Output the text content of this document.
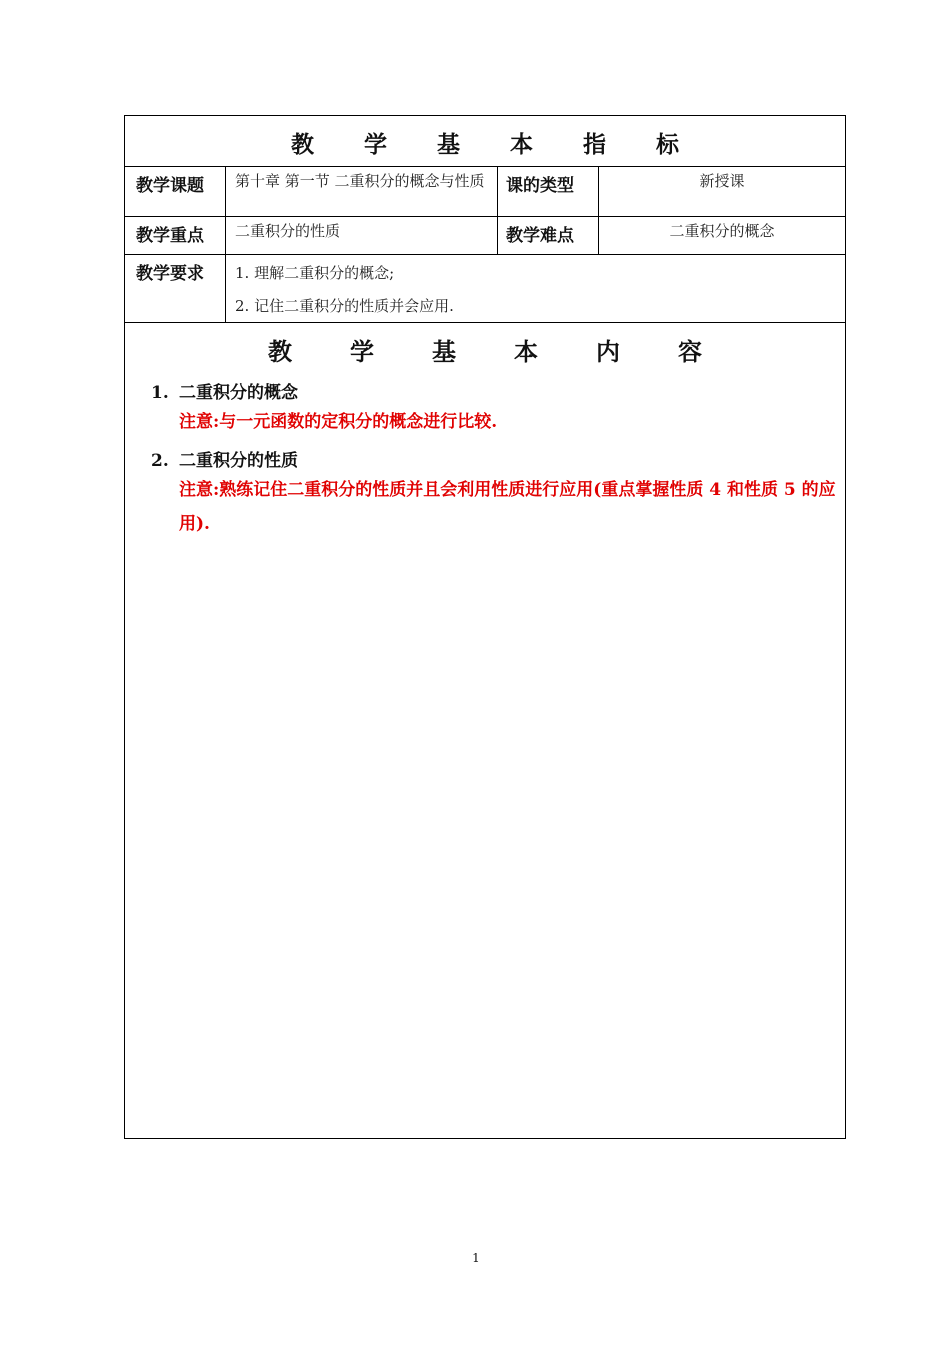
教 学 基 本 指 标
教学课题 第十章 第一节 二重积分的概念与性质	课的类型	新授课
教学重点 二重积分的性质	教学难点	二重积分的概念
教学要求 1. 理解二重积分的概念;
2. 记住二重积分的性质并会应用.
教 学 基 本 内 容
1. 二重积分的概念
注意:与一元函数的定积分的概念进行比较.
2. 二重积分的性质
注意:熟练记住二重积分的性质并且会利用性质进行应用(重点掌握性质 4 和性质 5 的应用).
1
